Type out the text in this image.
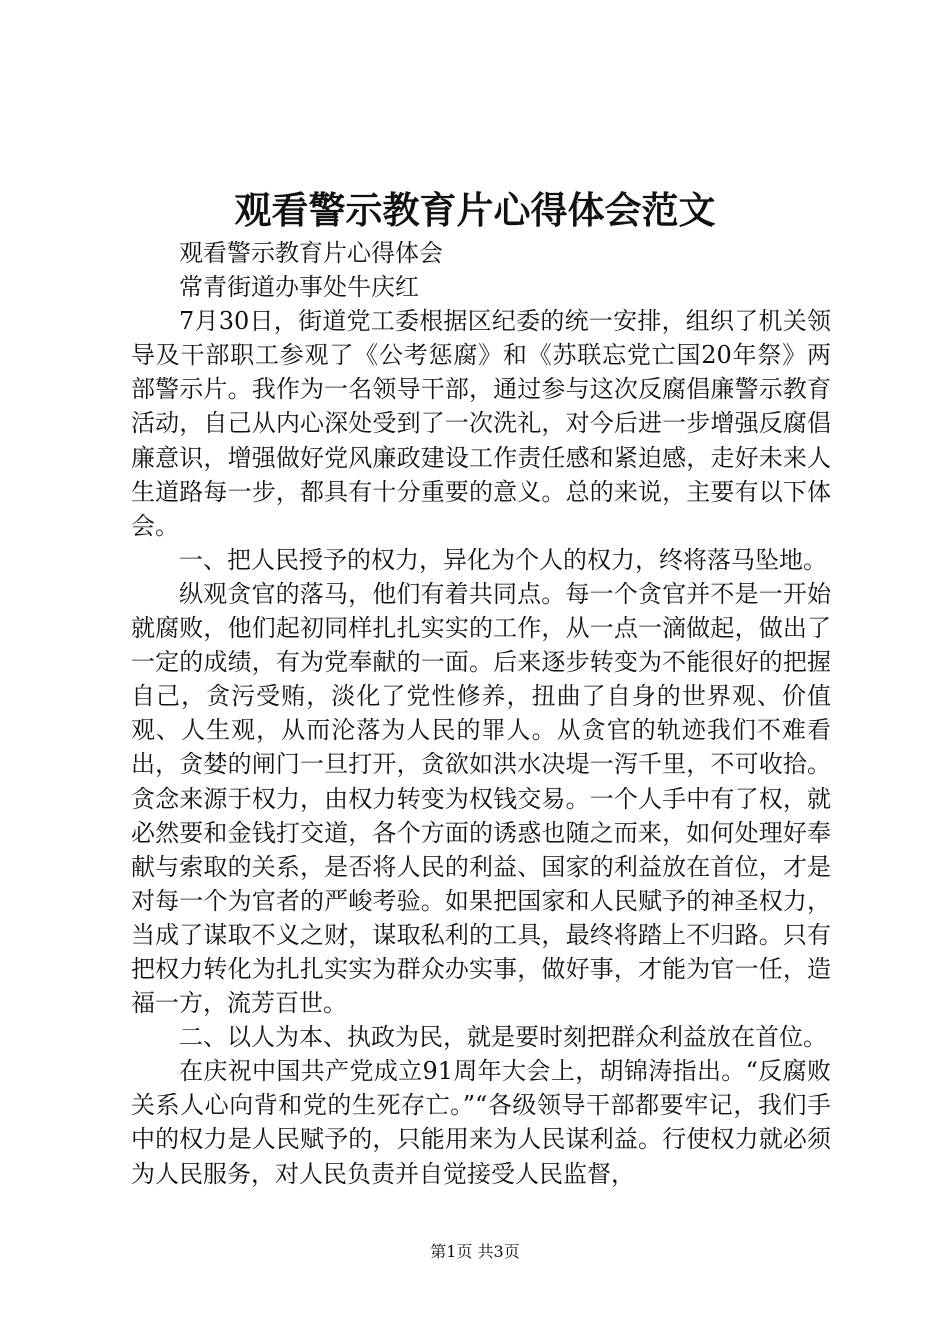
观看警示教育片心得体会范文

观看警示教育片心得体会

常青街道办事处牛庆红

7月30日，街道党工委根据区纪委的统一安排，组织了机关领导及干部职工参观了《公考惩腐》和《苏联忘党亡国20年祭》两部警示片。我作为一名领导干部，通过参与这次反腐倡廉警示教育活动，自己从内心深处受到了一次洗礼，对今后进一步增强反腐倡廉意识，增强做好党风廉政建设工作责任感和紧迫感，走好未来人生道路每一步，都具有十分重要的意义。总的来说，主要有以下体会。

一、把人民授予的权力，异化为个人的权力，终将落马坠地。

纵观贪官的落马，他们有着共同点。每一个贪官并不是一开始就腐败，他们起初同样扎扎实实的工作，从一点一滴做起，做出了一定的成绩，有为党奉献的一面。后来逐步转变为不能很好的把握自己，贪污受贿，淡化了党性修养，扭曲了自身的世界观、价值观、人生观，从而沦落为人民的罪人。从贪官的轨迹我们不难看出，贪婪的闸门一旦打开，贪欲如洪水决堤一泻千里，不可收拾。贪念来源于权力，由权力转变为权钱交易。一个人手中有了权，就必然要和金钱打交道，各个方面的诱惑也随之而来，如何处理好奉献与索取的关系，是否将人民的利益、国家的利益放在首位，才是对每一个为官者的严峻考验。如果把国家和人民赋予的神圣权力，当成了谋取不义之财，谋取私利的工具，最终将踏上不归路。只有把权力转化为扎扎实实为群众办实事，做好事，才能为官一任，造福一方，流芳百世。

二、以人为本、执政为民，就是要时刻把群众利益放在首位。

在庆祝中国共产党成立91周年大会上，胡锦涛指出。“反腐败关系人心向背和党的生死存亡。”“各级领导干部都要牢记，我们手中的权力是人民赋予的，只能用来为人民谋利益。行使权力就必须为人民服务，对人民负责并自觉接受人民监督，

第1页 共3页
